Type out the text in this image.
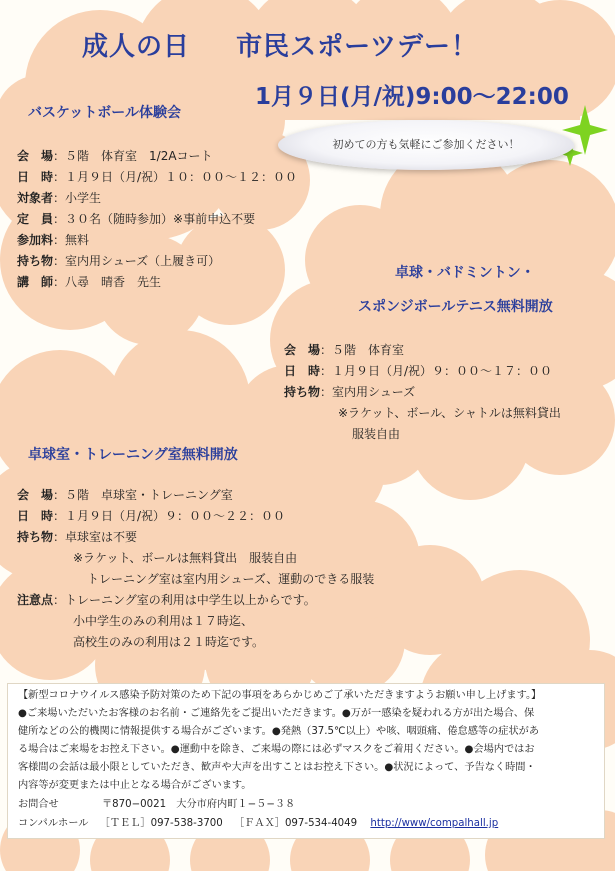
成人の日 市民スポーツデー！
1月９日(月/祝)9:00〜22:00
初めての方も気軽にご参加ください！
バスケットボール体験会
会　場：５階　体育室　1/2Aコート
日　時：１月９日（月/祝）１０：００〜１２：００
対象者：小学生
定　員：３０名（随時参加）※事前申込不要
参加料：無料
持ち物：室内用シューズ（上履き可）
講　師：八尋　晴香　先生
卓球・バドミントン・
スポンジボールテニス無料開放
会　場：５階　体育室
日　時：１月９日（月/祝）９：００〜１７：００
持ち物：室内用シューズ
※ラケット、ボール、シャトルは無料貸出
服装自由
卓球室・トレーニング室無料開放
会　場：５階　卓球室・トレーニング室
日　時：１月９日（月/祝）９：００〜２２：００
持ち物：卓球室は不要
※ラケット、ボールは無料貸出　服装自由
トレーニング室は室内用シューズ、運動のできる服装
注意点：トレーニング室の利用は中学生以上からです。
小中学生のみの利用は１７時迄、
高校生のみの利用は２１時迄です。
【新型コロナウイルス感染予防対策のため下記の事項をあらかじめご了承いただきますようお願い申し上げます。】
●ご来場いただいたお客様のお名前・ご連絡先をご提出いただきます。●万が一感染を疑われる方が出た場合、保
健所などの公的機関に情報提供する場合がございます。●発熱（37.5℃以上）や咳、咽頭痛、倦怠感等の症状があ
る場合はご来場をお控え下さい。●運動中を除き、ご来場の際には必ずマスクをご着用ください。●会場内ではお
客様間の会話は最小限としていただき、歓声や大声を出すことはお控え下さい。●状況によって、予告なく時間・
内容等が変更または中止となる場合がございます。
お問合せ	〒870−0021　大分市府内町１−５−３８
コンパルホール ［ＴＥＬ］097-538-3700 ［ＦＡＸ］097-534-4049 http://www/compalhall.jp
